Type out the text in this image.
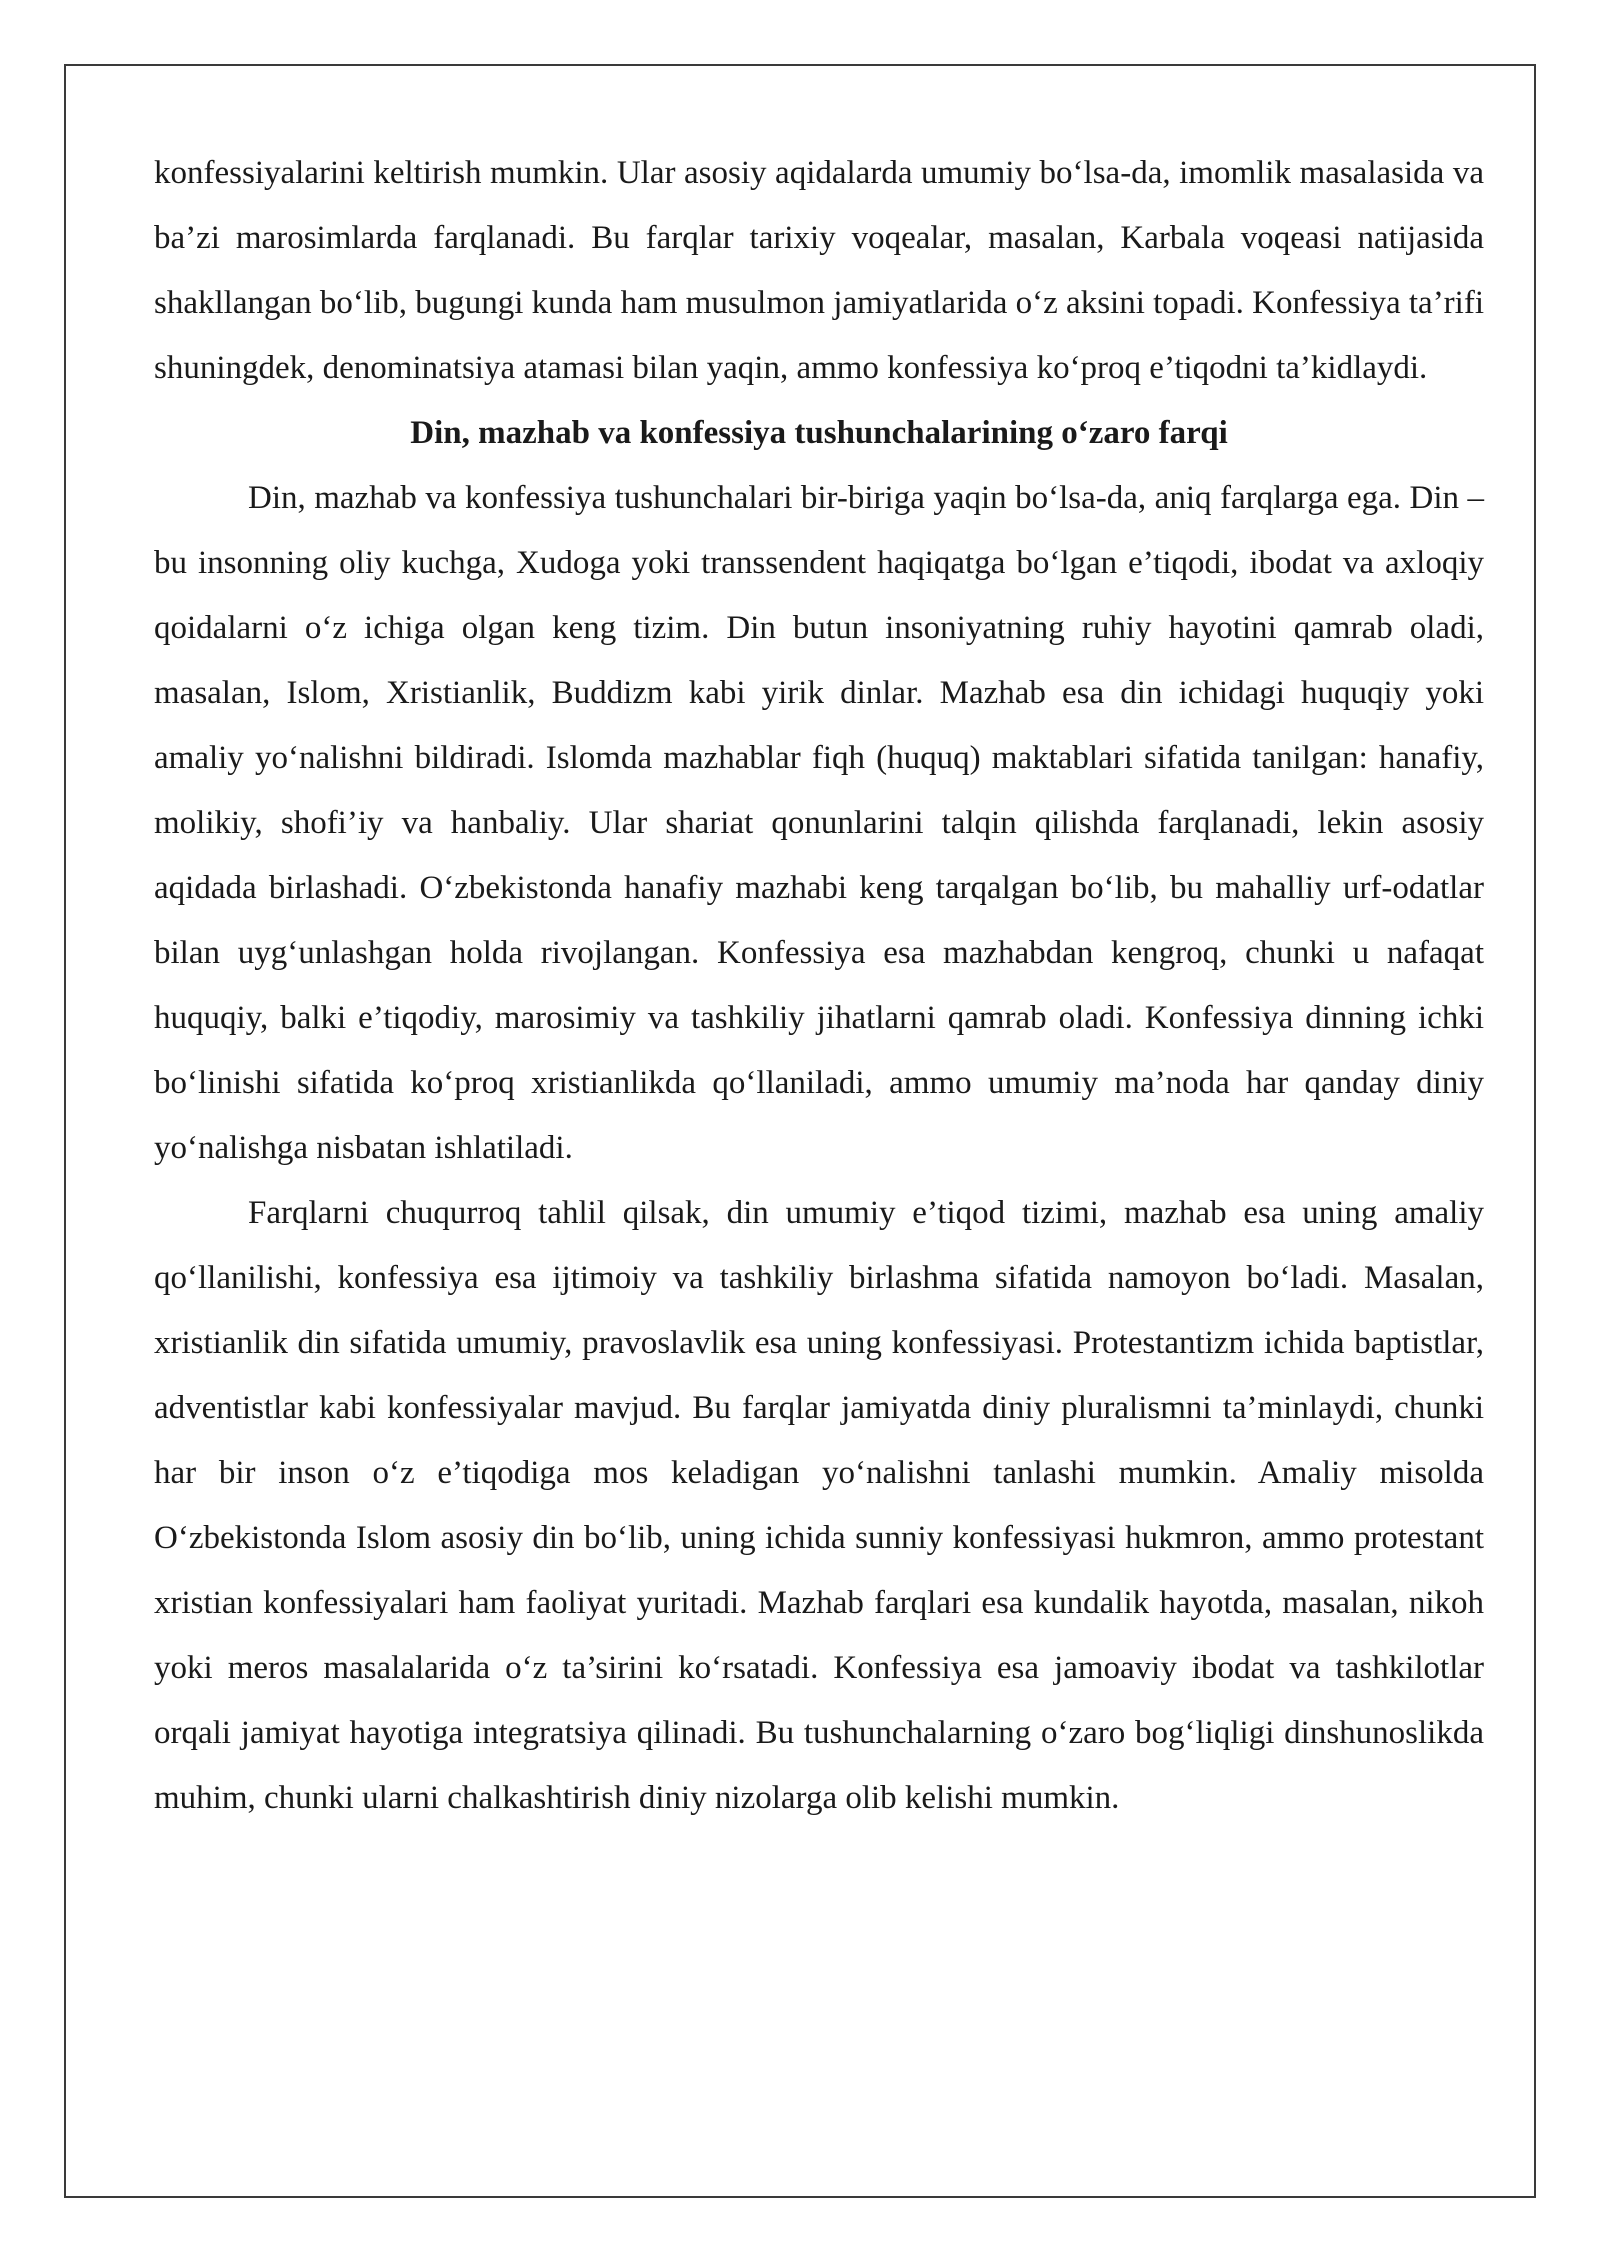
konfessiyalarini keltirish mumkin. Ular asosiy aqidalarda umumiy bo‘lsa-da, imomlik masalasida va ba’zi marosimlarda farqlanadi. Bu farqlar tarixiy voqealar, masalan, Karbala voqeasi natijasida shakllangan bo‘lib, bugungi kunda ham musulmon jamiyatlarida o‘z aksini topadi. Konfessiya ta’rifi shuningdek, denominatsiya atamasi bilan yaqin, ammo konfessiya ko‘proq e’tiqodni ta’kidlaydi.

Din, mazhab va konfessiya tushunchalarining o‘zaro farqi

Din, mazhab va konfessiya tushunchalari bir-biriga yaqin bo‘lsa-da, aniq farqlarga ega. Din – bu insonning oliy kuchga, Xudoga yoki transsendent haqiqatga bo‘lgan e’tiqodi, ibodat va axloqiy qoidalarni o‘z ichiga olgan keng tizim. Din butun insoniyatning ruhiy hayotini qamrab oladi, masalan, Islom, Xristianlik, Buddizm kabi yirik dinlar. Mazhab esa din ichidagi huquqiy yoki amaliy yo‘nalishni bildiradi. Islomda mazhablar fiqh (huquq) maktablari sifatida tanilgan: hanafiy, molikiy, shofi’iy va hanbaliy. Ular shariat qonunlarini talqin qilishda farqlanadi, lekin asosiy aqidada birlashadi. O‘zbekistonda hanafiy mazhabi keng tarqalgan bo‘lib, bu mahalliy urf-odatlar bilan uyg‘unlashgan holda rivojlangan. Konfessiya esa mazhabdan kengroq, chunki u nafaqat huquqiy, balki e’tiqodiy, marosimiy va tashkiliy jihatlarni qamrab oladi. Konfessiya dinning ichki bo‘linishi sifatida ko‘proq xristianlikda qo‘llaniladi, ammo umumiy ma’noda har qanday diniy yo‘nalishga nisbatan ishlatiladi.

Farqlarni chuqurroq tahlil qilsak, din umumiy e’tiqod tizimi, mazhab esa uning amaliy qo‘llanilishi, konfessiya esa ijtimoiy va tashkiliy birlashma sifatida namoyon bo‘ladi. Masalan, xristianlik din sifatida umumiy, pravoslavlik esa uning konfessiyasi. Protestantizm ichida baptistlar, adventistlar kabi konfessiyalar mavjud. Bu farqlar jamiyatda diniy pluralismni ta’minlaydi, chunki har bir inson o‘z e’tiqodiga mos keladigan yo‘nalishni tanlashi mumkin. Amaliy misolda O‘zbekistonda Islom asosiy din bo‘lib, uning ichida sunniy konfessiyasi hukmron, ammo protestant xristian konfessiyalari ham faoliyat yuritadi. Mazhab farqlari esa kundalik hayotda, masalan, nikoh yoki meros masalalarida o‘z ta’sirini ko‘rsatadi. Konfessiya esa jamoaviy ibodat va tashkilotlar orqali jamiyat hayotiga integratsiya qilinadi. Bu tushunchalarning o‘zaro bog‘liqligi dinshunoslikda muhim, chunki ularni chalkashtirish diniy nizolarga olib kelishi mumkin.
